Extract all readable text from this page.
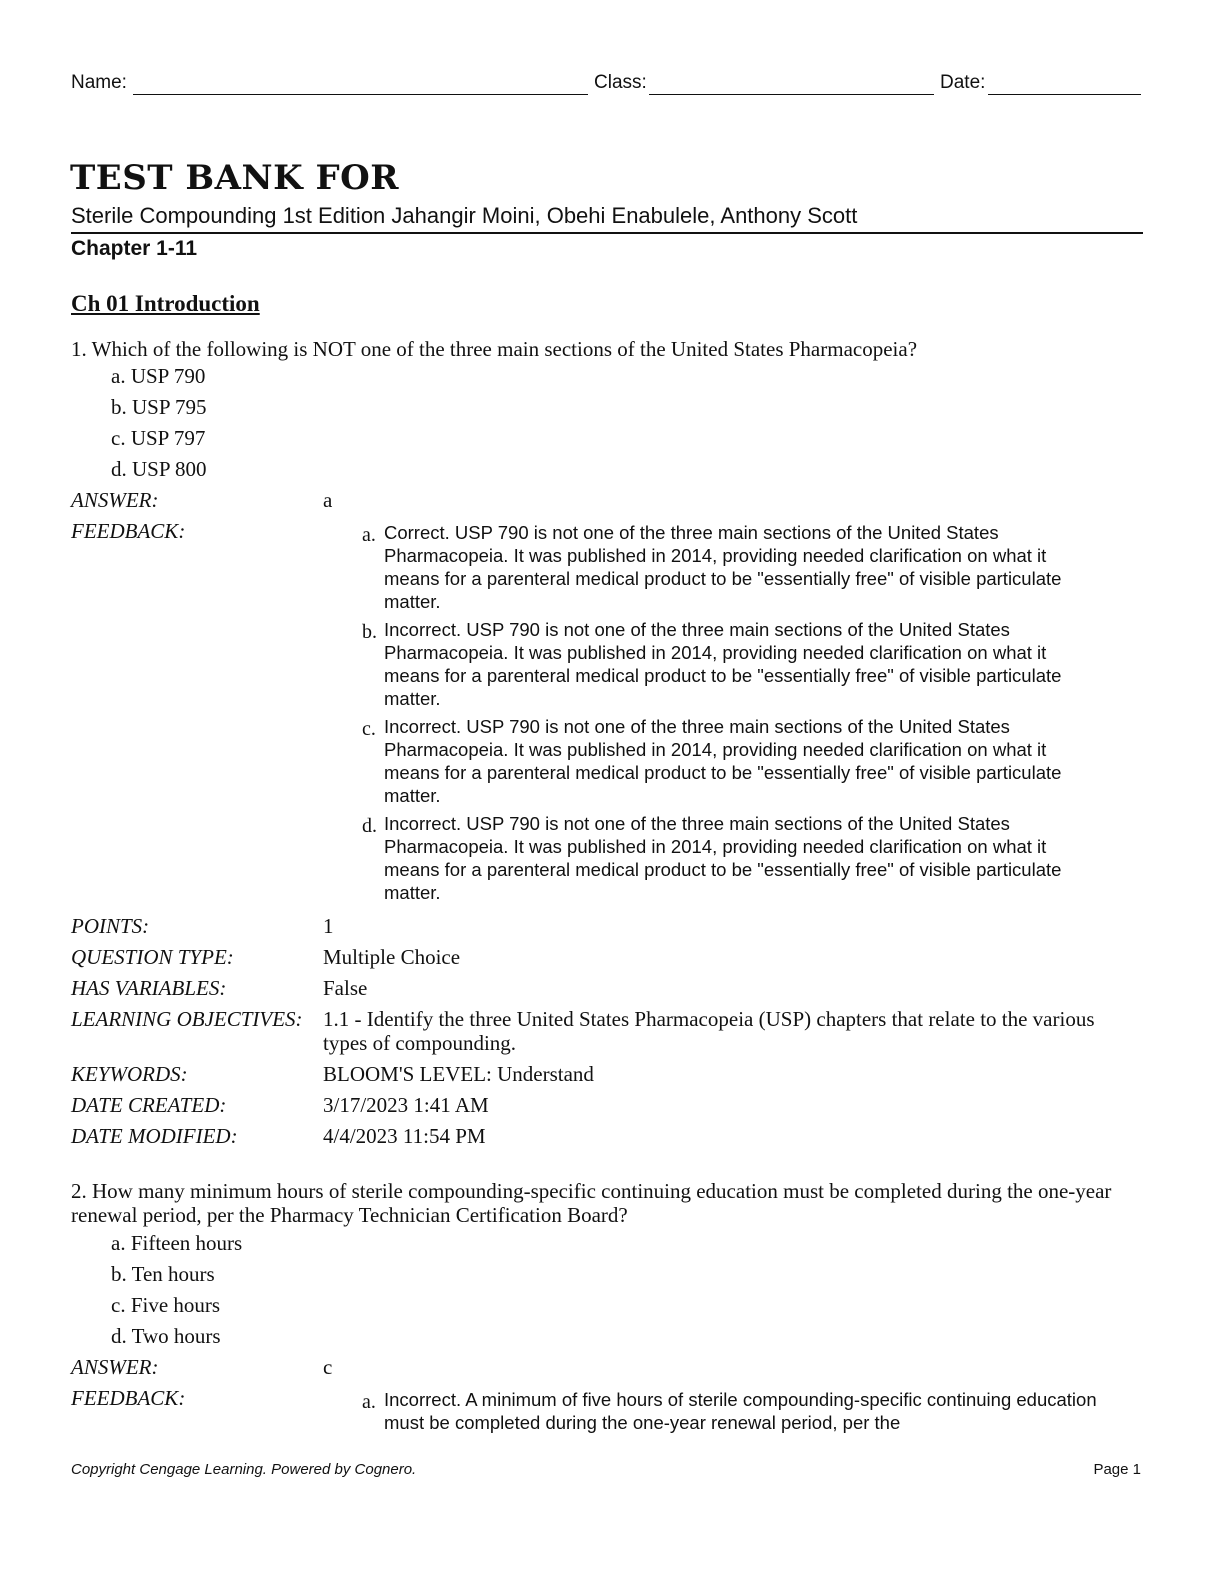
Name:	Class:	Date:
TEST BANK FOR
Sterile Compounding 1st Edition Jahangir Moini, Obehi Enabulele, Anthony Scott
Chapter 1-11
Ch 01 Introduction
1. Which of the following is NOT one of the three main sections of the United States Pharmacopeia?
a. USP 790
b. USP 795
c. USP 797
d. USP 800
ANSWER:	a
FEEDBACK:	a. Correct. USP 790 is not one of the three main sections of the United States Pharmacopeia. It was published in 2014, providing needed clarification on what it means for a parenteral medical product to be "essentially free" of visible particulate matter.
b. Incorrect. USP 790 is not one of the three main sections of the United States Pharmacopeia. It was published in 2014, providing needed clarification on what it means for a parenteral medical product to be "essentially free" of visible particulate matter.
c. Incorrect. USP 790 is not one of the three main sections of the United States Pharmacopeia. It was published in 2014, providing needed clarification on what it means for a parenteral medical product to be "essentially free" of visible particulate matter.
d. Incorrect. USP 790 is not one of the three main sections of the United States Pharmacopeia. It was published in 2014, providing needed clarification on what it means for a parenteral medical product to be "essentially free" of visible particulate matter.
POINTS:	1
QUESTION TYPE:	Multiple Choice
HAS VARIABLES:	False
LEARNING OBJECTIVES: 1.1 - Identify the three United States Pharmacopeia (USP) chapters that relate to the various types of compounding.
KEYWORDS:	BLOOM'S LEVEL: Understand
DATE CREATED:	3/17/2023 1:41 AM
DATE MODIFIED:	4/4/2023 11:54 PM
2. How many minimum hours of sterile compounding-specific continuing education must be completed during the one-year renewal period, per the Pharmacy Technician Certification Board?
a. Fifteen hours
b. Ten hours
c. Five hours
d. Two hours
ANSWER:	c
FEEDBACK:	a. Incorrect. A minimum of five hours of sterile compounding-specific continuing education must be completed during the one-year renewal period, per the
Copyright Cengage Learning. Powered by Cognero.	Page 1
